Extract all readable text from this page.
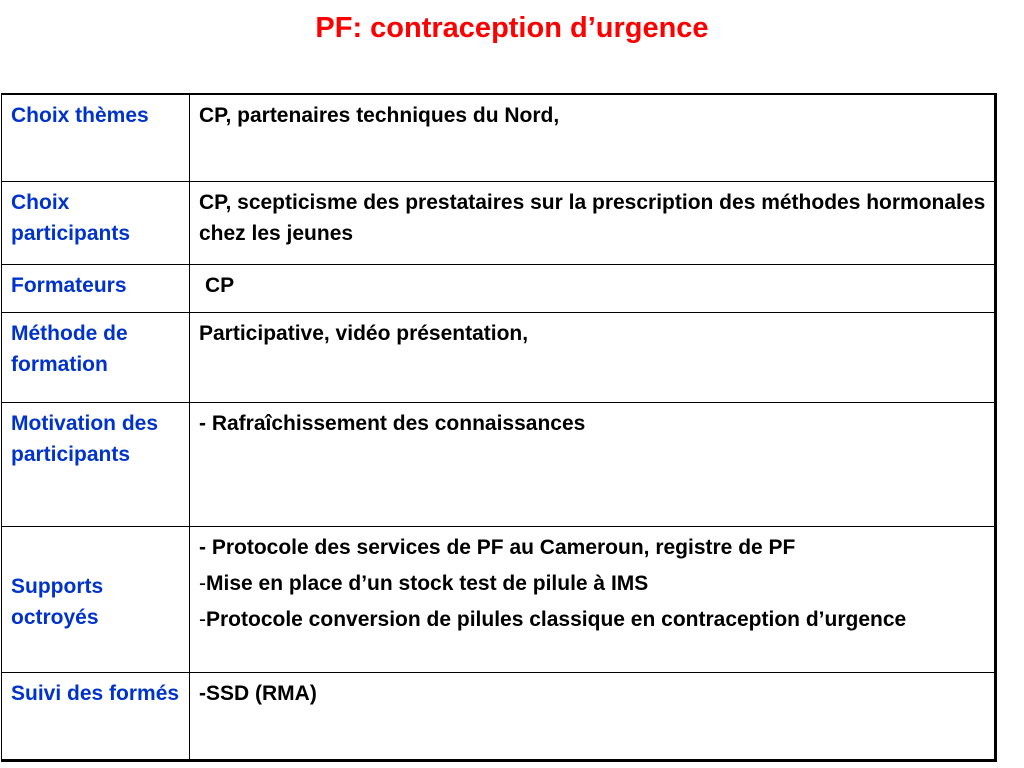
PF: contraception d’urgence
Choix thèmes	CP, partenaires techniques du Nord,
Choix participants	CP, scepticisme des prestataires sur la prescription des méthodes hormonales chez les jeunes
Formateurs	CP
Méthode de formation	Participative, vidéo présentation,
Motivation des participants	- Rafraîchissement des connaissances
Supports octroyés	- Protocole des services de PF au Cameroun, registre de PF
-Mise en place d’un stock test de pilule à IMS
-Protocole conversion de pilules classique en contraception d’urgence

Suivi des formés	-SSD (RMA)
